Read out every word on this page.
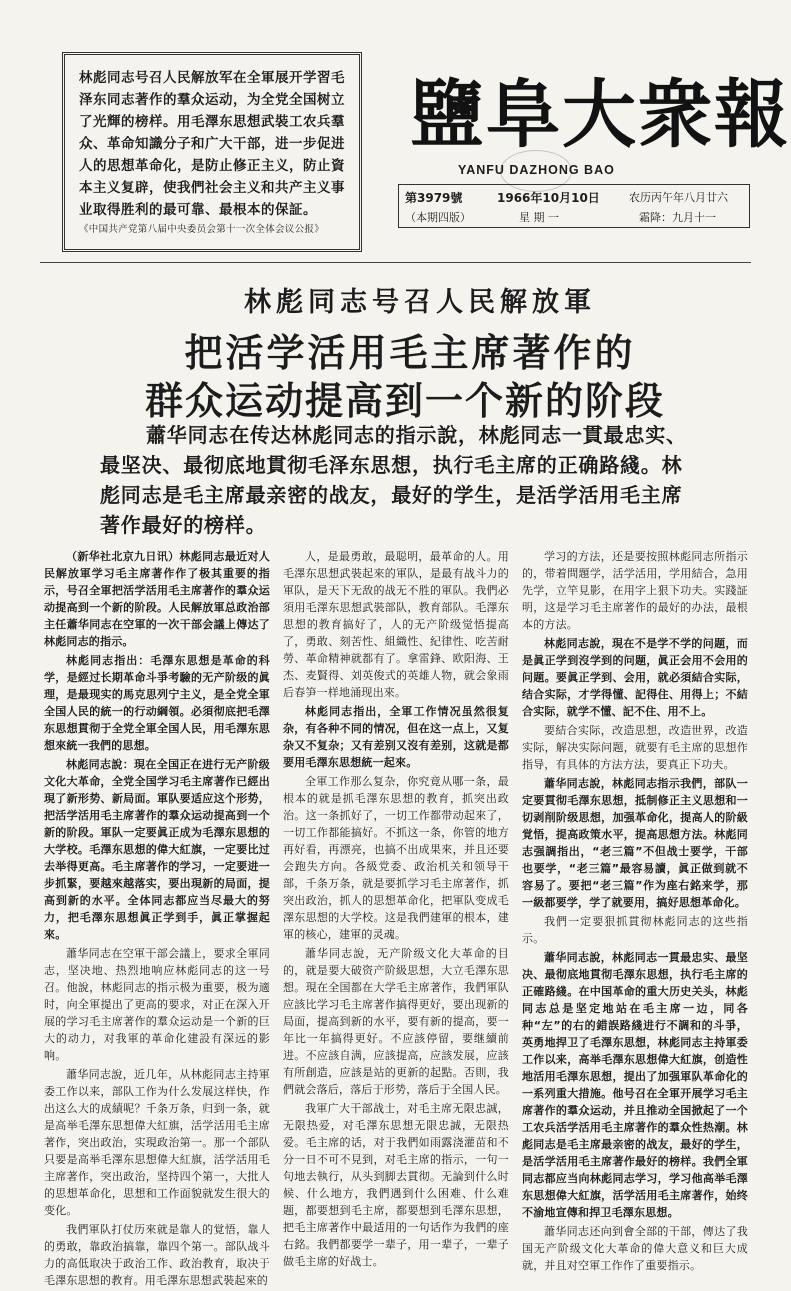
林彪同志号召人民解放军在全軍展开学習毛泽东同志著作的羣众运动，为全党全国树立了光輝的榜样。用毛澤东思想武裝工农兵羣众、革命知識分子和广大干部，进一步促进人的思想革命化，是防止修正主义，防止資本主义复辟，使我們社会主义和共产主义事业取得胜利的最可靠、最根本的保証。
《中国共产党第八届中央委员会第十一次全体会议公报》
鹽阜大衆報
YANFU DAZHONG BAO
第3979號
（本期四版）
1966年10月10日
星 期 一
农历丙午年八月廿六
霜降：九月十一
林彪同志号召人民解放軍
把活学活用毛主席著作的
群众运动提高到一个新的阶段
蕭华同志在传达林彪同志的指示說，林彪同志一貫最忠实、最坚决、最彻底地貫彻毛泽东思想，执行毛主席的正确路綫。林彪同志是毛主席最亲密的战友，最好的学生，是活学活用毛主席著作最好的榜样。

（新华社北京九日讯）林彪同志最近对人民解放軍学习毛主席著作作了极其重要的指示，号召全軍把活学活用毛主席著作的羣众运动提高到一个新的阶段。人民解放軍总政治部主任蕭华同志在空軍的一次干部会議上傳达了林彪同志的指示。

林彪同志指出：毛澤东思想是革命的科学，是經过长期革命斗爭考驗的无产阶级的眞理，是最现实的馬克思列宁主义，是全党全軍全国人民的統一的行动綱領。必須彻底把毛澤东思想貫彻于全党全軍全国人民，用毛澤东思想來統一我們的思想。

林彪同志說：現在全国正在进行无产阶级文化大革命，全党全国学习毛主席著作已經出現了新形势、新局面。軍队要适应这个形势，把活学活用毛主席著作的羣众运动提高到一个新的阶段。軍队一定要眞正成为毛澤东思想的大学校。毛澤东思想的偉大紅旗，一定要比过去举得更高。毛主席著作的学习，一定要进一步抓緊，要越來越落实，要出現新的局面，提高到新的水平。全体同志都应当尽最大的努力，把毛澤东思想眞正学到手，眞正掌握起來。

蕭华同志在空軍干部会議上，要求全軍同志，坚决地、热烈地响应林彪同志的这一号召。他說，林彪同志的指示极为重要，极为適时，向全軍提出了更高的要求，对正在深入开展的学习毛主席著作的羣众运动是一个新的巨大的动力，对我軍的革命化建設有深远的影响。

蕭华同志說，近几年，从林彪同志主持軍委工作以来，部队工作为什么发展这样快，作出这么大的成績呢？千条万条，归到一条，就是高举毛澤东思想偉大紅旗，活学活用毛主席著作，突出政治，实現政治第一。那一个部队只要是高举毛澤东思想偉大紅旗，活学活用毛主席著作，突出政治，坚持四个第一，大批人的思想革命化，思想和工作面貌就发生很大的变化。

我們軍队打仗历來就是靠人的覚悟，靠人的勇敢，靠政治搞靠，靠四个第一。部队战斗力的高低取决于政治工作、政治教育，取决于毛澤东思想的教育。用毛澤东思想武裝起來的

人，是最勇敢，最聪明，最革命的人。用毛澤东思想武裝起來的軍队，是最有战斗力的軍队，是天下无敌的战无不胜的軍队。我們必須用毛澤东思想武裝部队，教育部队。毛澤东思想的教育搞好了，人的无产阶级觉悟提高了，勇敢、刻苦性、組織性、紀律性、吃苦耐勞、革命精神就都有了。拿雷鋒、欧阳海、王杰、麦賢得、刘英俊式的英雄人物，就会象雨后春笋一样地涌现出來。

林彪同志指出，全軍工作情况虽然很复杂，有各种不同的情况，但在这一点上，又复杂又不复杂；又有差别又沒有差别，这就是都要用毛澤东思想統一起來。

全軍工作那么复杂，你究竟从哪一条，最根本的就是抓毛澤东思想的教育，抓突出政治。这一条抓好了，一切工作都带动起來了，一切工作都能搞好。不抓这一条，你管的地方再好看，再漂亮，也搞不出成果來，并且还要会跑失方向。各級党委、政治机关和领导干部，千条万条，就是要抓学习毛主席著作，抓突出政治，抓人的思想革命化，把軍队变成毛澤东思想的大学校。这是我們建軍的根本，建軍的核心，建軍的灵魂。

蕭华同志說，无产阶级文化大革命的目的，就是要大破资产阶級思想，大立毛澤东思想。現在全国都在大学毛主席著作，我們軍队应該比学习毛主席著作搞得更好，要出现新的局面，提高到新的水平，要有新的提高，要一年比一年搞得更好。不应該停留，要继續前进。不应該自满，应該提高，应該发展，应該有所創造，应該是站的更新的起點。否則，我們就会落后，落后于形势，落后于全国人民。

我軍广大干部战士，对毛主席无限忠誠，无限热爱，对毛澤东思想无限忠誠，无限热爱。毛主席的话，对于我們如雨露浇灌苗和不分一日不可不見到，对毛主席的指示，一句一句地去執行，从头到脚去貫彻。无論到什么时候、什么地方，我們遇到什么困难、什么难题，都要想到毛主席，都要想到毛澤东思想，把毛主席著作中最适用的一句话作为我們的座右銘。我們都要学一辈子，用一辈子，一辈子做毛主席的好战士。

学习的方法，还是要按照林彪同志所指示的，带着問題学，活学活用，学用結合，急用先学，立竿見影，在用字上狠下功夫。实踐証明，这是学习毛主席著作的最好的办法，最根本的方法。

林彪同志說，現在不是学不学的问题，而是眞正学到沒学到的问题，眞正会用不会用的问题。要眞正学到、会用，就必須結合实际，结合实际，才学得懂、記得住、用得上；不結合实际，就学不懂、記不住、用不上。

要結合实际，改造思想，改造世界，改造实际，解决实际问题，就要有毛主席的思想作指导，有具体的方法方法，要真正下功夫。

蕭华同志說，林彪同志指示我們，部队一定要貫彻毛澤东思想，抵制修正主义思想和一切剥削阶级思想，加强革命化，提高人的阶級覚悟，提高政策水平，提高思想方法。林彪同志强調指出，“老三篇”不但战士要学，干部也要学，“老三篇”最容易讀，眞正做到就不容易了。要把“老三篇”作为座右銘来学，那一級都要学，学了就要用，搞好思想革命化。

我們一定要狠抓貫彻林彪同志的这些指示。

蕭华同志說，林彪同志一貫最忠实、最坚决、最彻底地貫彻毛澤东思想，执行毛主席的正確路綫。在中国革命的重大历史关头，林彪同志总是坚定地站在毛主席一边，同各种“左”的右的錯誤路綫进行不調和的斗爭，英勇地捍卫了毛澤东思想，林彪同志主持軍委工作以来，高举毛澤东思想偉大紅旗，创造性地活用毛澤东思想，提出了加强軍队革命化的一系列重大措施。他号召在全軍开展学习毛主席著作的羣众运动，并且推动全国掀起了一个工农兵活学活用毛主席著作的羣众性热潮。林彪同志是毛主席最亲密的战友，最好的学生，是活学活用毛主席著作最好的榜样。我們全軍同志都应当向林彪同志学习，学习他高举毛澤东思想偉大紅旗，活学活用毛主席著作，始终不渝地宣傳和捍卫毛澤东思想。

蕭华同志还向到會全部的干部，傳达了我国无产阶级文化大革命的偉大意义和巨大成就，并且对空軍工作作了重要指示。
